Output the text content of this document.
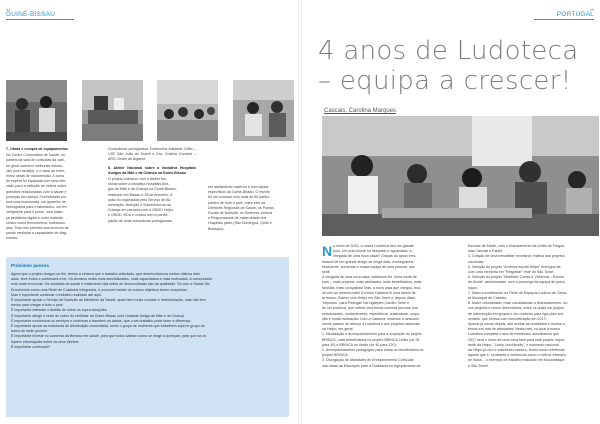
44
GUINÉ-BISSAU
7. Obras e compra de equipamentos
No Centro Comunitário de Saúde, os
painéis da sala de consultas da cabi-
ne geral carecem melhorias estrutu-
rais (com azulejo), e o casa do enfer-
meiro obras de manutenção. A ruína
de espera foi equipada com uma tele-
visão para a exibição de vídeos sobre
questões relacionadas com a saúde e
proteção da criança. Foi instalada pin-
tura uma motorizada, um aparelho de
hemograma para o laboratório, um fre-
zer/geleira para o posto, uma balan-
ça pediátrica digital e outro material
clínico como termómetros, estetoscó-
pios. Todo isto permitiu aos técnicos de
saúde melhorar a capacidade de diag-
nóstico.
Consultoras portuguesas Enfermeira Adelaide Orfão – USF São João do Estoril e Dra. Cristina Gouveia – ARS Centro do Algarve.
8. Atelier Nacional sobre a Iniciativa Hospitais Amigos da Mãe e da Criança na Guiné-Bissau
O projeto culminou com o Atelier Na-
cional sobre a Iniciativa Hospitais Ami-
gos da Mãe e da Criança na Guiné-Bissau,
realizado em Bissau a 28 de fevereiro. A
ação foi organizada pelo Serviço de Ali-
mentação, Nutrição e Sobrevivência da
Criança em parceria com a ONGD Helpo
e ONGD VIDA e contou com a partici-
pação de duas consultoras portuguesas
em aleitamento materno e com dados
específicos da Guiné-Bissau. O evento
foi um sucesso com mais de 60 partici-
pantes de todo o país, entre eles os
Diretores Regionais de Saúde, os Pontos
Focais de Nutrição, os Diretores clínicos
e Responsáveis de maternidade dos
Hospitais piloto (São Domingos, Quitó e
Bubaque).
Próximos passos
Agora que o projeto chegou ao fim, temos a certeza que o trabalho articulado, que desenvolvemos nestes últimos dois
anos, teve frutos e continuará a ter. Os técnicos estão mais sensibilizados, mais capacitados e mais motivados. A comunidade
está mais envolvida. Os cuidados de saúde e tratamento das mães de desenvolvidas são de qualidade. Só com a Saúde Diz
Envolvendo como uma Rede de Cuidados Integrados, é possível manter os nossos objetivos forem cumpridos.
Mas é importante continuar o trabalho realizado até aqui.
É importante apoiar o Serviço de Nutrição do Ministério da Saúde, quem tem muita vontade e determinação, mas não tem
meios para chegar a todo o país.
É importante estender o âmbito de todos os supra-atuações.
É importante atingir o resto do cobro do certificar na Guiné-Bissau uma Unidade Amiga da Mãe e da Criança.
É importante monitorizar os serviços e continuar a transferir os dados, que o seu trabalho pode fazer a diferença.
É importante apoiar as estruturas de distribuição comunitária, como o grupo de mulheres que trabalhem aqui no grupo do
bairro de onde provém.
É importante investir no aumento da literacia em saúde, para que todos saibam como se reagir a doenças; para que na ce-
tiquem informações sobre os seus direitos.
É importante continuar!!!
45
PORTUGAL
4 anos de Ludoteca
– equipa a crescer!
Cascais, Carolina Marques
N o início de 2015, a nossa Ludoteca deu um grande
pulo. Um pulo fulcral no desejado e aguardado: a
chegada de uma nova casa!!! Graças ao apoio ines-
timável de um grande amigo de longa data, conseguimos,
finalmente, aumentar a nossa equipa de uma pessoa, que
será!
A chegada de uma nova casa, salitamos ele, tinha muito de
bom – mais projetos, mais atividades, mais beneficiários, mais
famílias, mais conquistas! Mas, a nova casa que chegou, trou-
xe-nos ao mesmo mais! A nossa Catarina lê uma labelo de
ar fresco. Esteve com Helpo em São Tomé e, depois disso,
"importou" para Portugal! Na Ligaepen (Jardim Tomé e
de um portunor, que reflete uma borda cumeira (encose nos
estruturantes, conhecimento, experiência, criatividade, corpo-
ção e muita motivação! Com a Catarina, estamos a descobrir
novos passos de reforço à Ludoteca e aos projetos nacionais
da Helpo, em geral:
1. Idealização e acompanhamento para a ocupação do projeto
BRINCA, mais beneficiários no projeto BRINCA Letivo (de 34
para 40) e BRINCA no Verão (de 40 para 120);
2. Acompanhamento pedagógico para todos os beneficiários do
projeto BRINCA;
3. Divulgação de Atividades de Enriquecimento Curricular
nas áreas da Educação para a Cidadania no Agrupamento de
Escolas de Alvide, com o financiamento da União de Fregue-
sias Cascais e Estoril;
4. Criação de uma newsletter trimestral, relativa aos projetos
nacionais;
5. Seleção do projeto "A minha escola Helpo" entregue da
com uma mentoria em "Respeitar" rede do São Tomé;
6. Seleção do projeto "Mobilizer Contra a Violência – Escola
de Alvide" selecionadas, com a presença da equipa de psicó-
logos;
7. Maior envolvimento na Rede de Espaços Lúdicos de Clima-
ta Municipal de Cascais;
8. Maior voluntariado, mais candidaturas a financiamentos, no-
vos projetos e novos desenhados, entre os quais um projeto
de intervenção em grupos e em contexto para liga-ções sob
cenário, que iremos com concretização em 2017!
Apesar já novas depois, são muitas as novidades e muitos a-
temos em rota de atividades! Nesta mês, no qual a nossa
Ludoteca completa o ano de existência, acreditamos que
2017 será o início de uma nova fase para este projeto impor-
tante da Helpo. "Lively, but friendly", é momento nacional
da Helpo já vivo e sobretudo maduro, tendo como referência
aquele que é, constante e conhecido como o melhor exemplo
de todos – o exemplo de trabalho realizado em Moçambique
e São Tomé!
